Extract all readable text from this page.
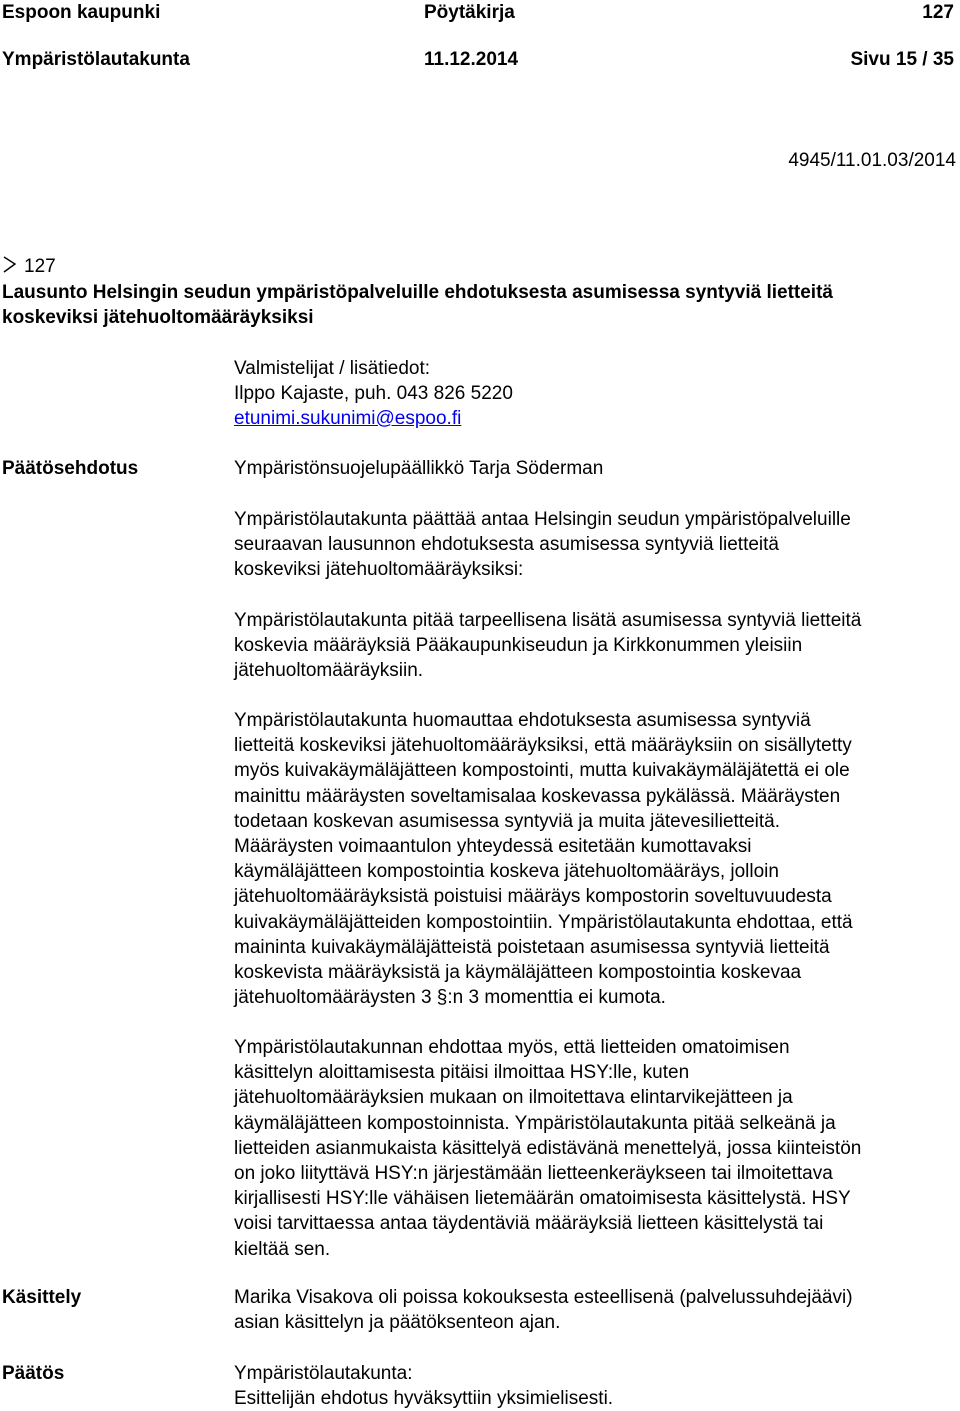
Espoon kaupunki	Pöytäkirja	127
Ympäristölautakunta	11.12.2014	Sivu 15 / 35
4945/11.01.03/2014
127
Lausunto Helsingin seudun ympäristöpalveluille ehdotuksesta asumisessa syntyviä lietteitä
koskeviksi jätehuoltomääräyksiksi
Valmistelijat / lisätiedot:
Ilppo Kajaste, puh. 043 826 5220
etunimi.sukunimi@espoo.fi
Päätösehdotus	Ympäristönsuojelupäällikkö Tarja Söderman
Ympäristölautakunta päättää antaa Helsingin seudun ympäristöpalveluille
seuraavan lausunnon ehdotuksesta asumisessa syntyviä lietteitä
koskeviksi jätehuoltomääräyksiksi:
Ympäristölautakunta pitää tarpeellisena lisätä asumisessa syntyviä lietteitä
koskevia määräyksiä Pääkaupunkiseudun ja Kirkkonummen yleisiin
jätehuoltomääräyksiin.
Ympäristölautakunta huomauttaa ehdotuksesta asumisessa syntyviä
lietteitä koskeviksi jätehuoltomääräyksiksi, että määräyksiin on sisällytetty
myös kuivakäymäläjätteen kompostointi, mutta kuivakäymäläjätettä ei ole
mainittu määräysten soveltamisalaa koskevassa pykälässä. Määräysten
todetaan koskevan asumisessa syntyviä ja muita jätevesilietteitä.
Määräysten voimaantulon yhteydessä esitetään kumottavaksi
käymäläjätteen kompostointia koskeva jätehuoltomääräys, jolloin
jätehuoltomääräyksistä poistuisi määräys kompostorin soveltuvuudesta
kuivakäymäläjätteiden kompostointiin. Ympäristölautakunta ehdottaa, että
maininta kuivakäymäläjätteistä poistetaan asumisessa syntyviä lietteitä
koskevista määräyksistä ja käymäläjätteen kompostointia koskevaa
jätehuoltomääräysten 3 §:n 3 momenttia ei kumota.
Ympäristölautakunnan ehdottaa myös, että lietteiden omatoimisen
käsittelyn aloittamisesta pitäisi ilmoittaa HSY:lle, kuten
jätehuoltomääräyksien mukaan on ilmoitettava elintarvikejätteen ja
käymäläjätteen kompostoinnista. Ympäristölautakunta pitää selkeänä ja
lietteiden asianmukaista käsittelyä edistävänä menettelyä, jossa kiinteistön
on joko liityttävä HSY:n järjestämään lietteenkeräykseen tai ilmoitettava
kirjallisesti HSY:lle vähäisen lietemäärän omatoimisesta käsittelystä. HSY
voisi tarvittaessa antaa täydentäviä määräyksiä lietteen käsittelystä tai
kieltää sen.
Käsittely	Marika Visakova oli poissa kokouksesta esteellisenä (palvelussuhdejäävi)
asian käsittelyn ja päätöksenteon ajan.
Päätös	Ympäristölautakunta:
Esittelijän ehdotus hyväksyttiin yksimielisesti.
